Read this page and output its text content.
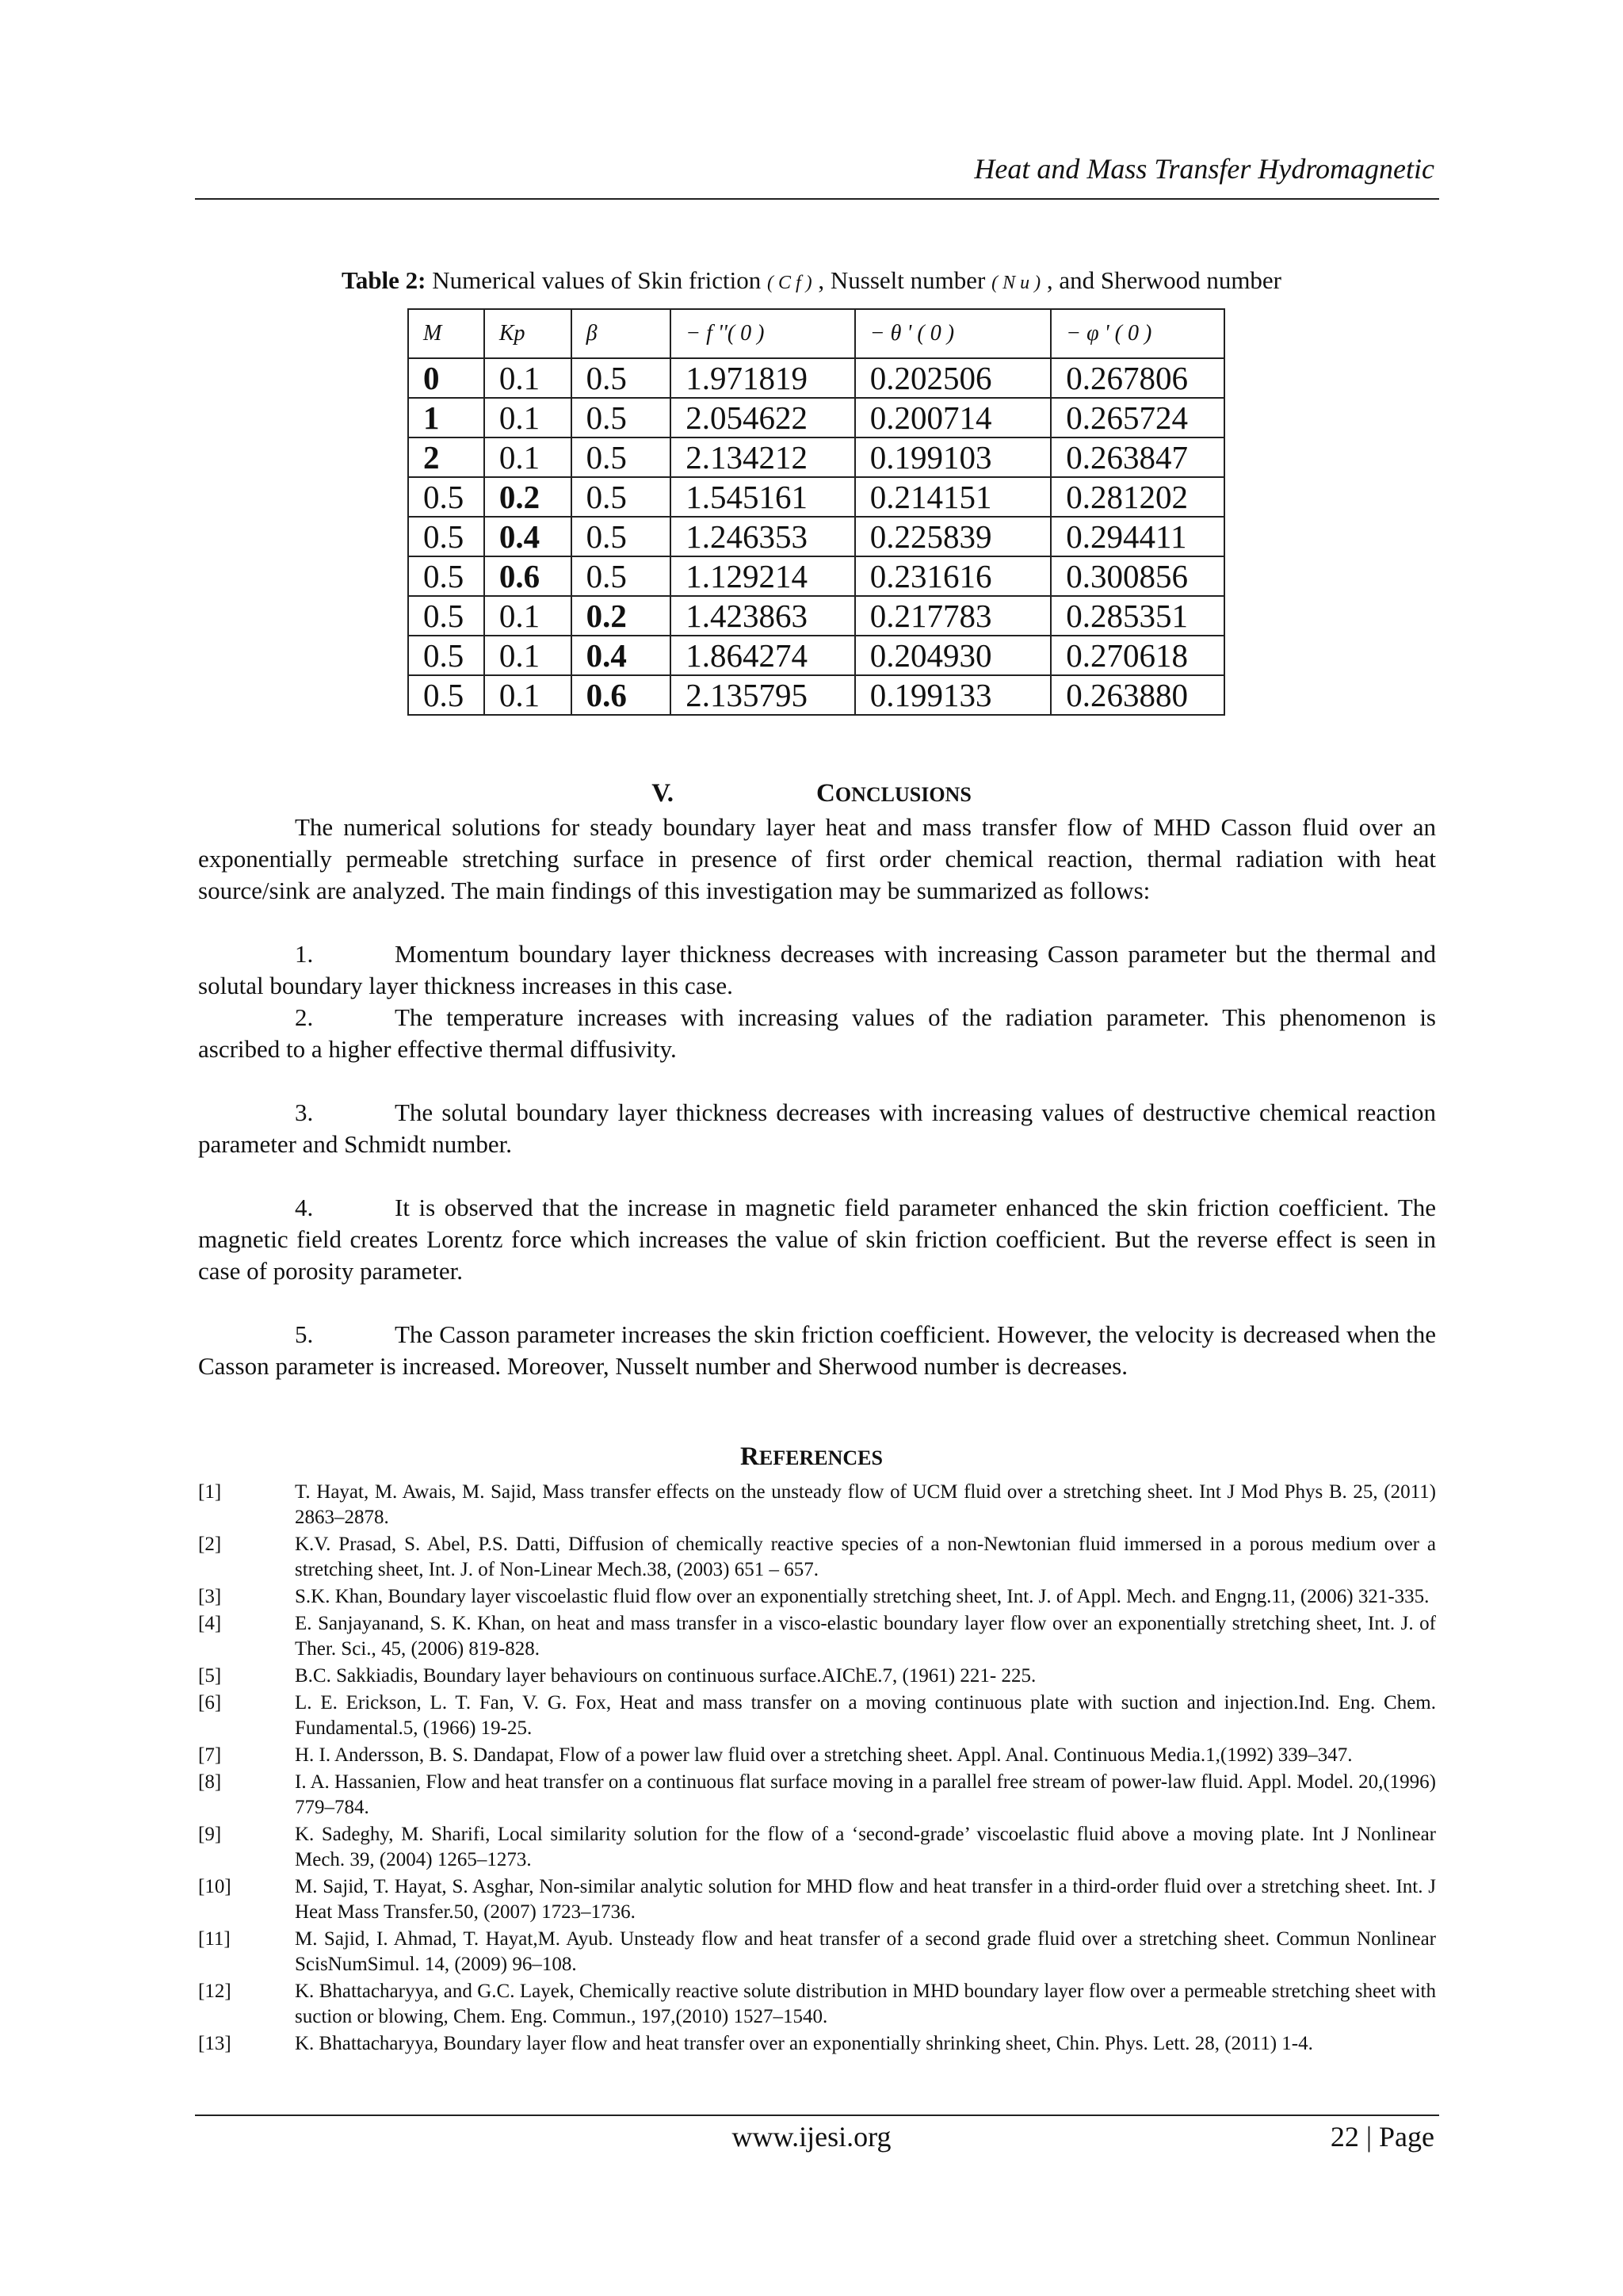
Heat and Mass Transfer Hydromagnetic
Table 2: Numerical values of Skin friction ( C f ) , Nusselt number ( N u ) , and Sherwood number
M	Kp	β	− f ''( 0 )	− θ ' ( 0 )	− φ ' ( 0 )
0	0.1	0.5	1.971819	0.202506	0.267806
1	0.1	0.5	2.054622	0.200714	0.265724
2	0.1	0.5	2.134212	0.199103	0.263847
0.5	0.2	0.5	1.545161	0.214151	0.281202
0.5	0.4	0.5	1.246353	0.225839	0.294411
0.5	0.6	0.5	1.129214	0.231616	0.300856
0.5	0.1	0.2	1.423863	0.217783	0.285351
0.5	0.1	0.4	1.864274	0.204930	0.270618
0.5	0.1	0.6	2.135795	0.199133	0.263880
V.	CONCLUSIONS
The numerical solutions for steady boundary layer heat and mass transfer flow of MHD Casson fluid over an exponentially permeable stretching surface in presence of first order chemical reaction, thermal radiation with heat source/sink are analyzed. The main findings of this investigation may be summarized as follows:
1.	Momentum boundary layer thickness decreases with increasing Casson parameter but the thermal and solutal boundary layer thickness increases in this case.
2.	The temperature increases with increasing values of the radiation parameter. This phenomenon is ascribed to a higher effective thermal diffusivity.
3.	The solutal boundary layer thickness decreases with increasing values of destructive chemical reaction parameter and Schmidt number.
4.	It is observed that the increase in magnetic field parameter enhanced the skin friction coefficient. The magnetic field creates Lorentz force which increases the value of skin friction coefficient. But the reverse effect is seen in case of porosity parameter.
5.	The Casson parameter increases the skin friction coefficient. However, the velocity is decreased when the Casson parameter is increased. Moreover, Nusselt number and Sherwood number is decreases.
REFERENCES
[1]	T. Hayat, M. Awais, M. Sajid, Mass transfer effects on the unsteady flow of UCM fluid over a stretching sheet. Int J Mod Phys B. 25, (2011) 2863–2878.
[2]	K.V. Prasad, S. Abel, P.S. Datti, Diffusion of chemically reactive species of a non-Newtonian fluid immersed in a porous medium over a stretching sheet, Int. J. of Non-Linear Mech.38, (2003) 651 – 657.
[3]	S.K. Khan, Boundary layer viscoelastic fluid flow over an exponentially stretching sheet, Int. J. of Appl. Mech. and Engng.11, (2006) 321-335.
[4]	E. Sanjayanand, S. K. Khan, on heat and mass transfer in a visco-elastic boundary layer flow over an exponentially stretching sheet, Int. J. of Ther. Sci., 45, (2006) 819-828.
[5]	B.C. Sakkiadis, Boundary layer behaviours on continuous surface.AIChE.7, (1961) 221- 225.
[6]	L. E. Erickson, L. T. Fan, V. G. Fox, Heat and mass transfer on a moving continuous plate with suction and injection.Ind. Eng. Chem. Fundamental.5, (1966) 19-25.
[7]	H. I. Andersson, B. S. Dandapat, Flow of a power law fluid over a stretching sheet. Appl. Anal. Continuous Media.1,(1992) 339–347.
[8]	I. A. Hassanien, Flow and heat transfer on a continuous flat surface moving in a parallel free stream of power-law fluid. Appl. Model. 20,(1996) 779–784.
[9]	K. Sadeghy, M. Sharifi, Local similarity solution for the flow of a ‘second-grade’ viscoelastic fluid above a moving plate. Int J Nonlinear Mech. 39, (2004) 1265–1273.
[10]	M. Sajid, T. Hayat, S. Asghar, Non-similar analytic solution for MHD flow and heat transfer in a third-order fluid over a stretching sheet. Int. J Heat Mass Transfer.50, (2007) 1723–1736.
[11]	M. Sajid, I. Ahmad, T. Hayat,M. Ayub. Unsteady flow and heat transfer of a second grade fluid over a stretching sheet. Commun Nonlinear ScisNumSimul. 14, (2009) 96–108.
[12]	K. Bhattacharyya, and G.C. Layek, Chemically reactive solute distribution in MHD boundary layer flow over a permeable stretching sheet with suction or blowing, Chem. Eng. Commun., 197,(2010) 1527–1540.
[13]	K. Bhattacharyya, Boundary layer flow and heat transfer over an exponentially shrinking sheet, Chin. Phys. Lett. 28, (2011) 1-4.
www.ijesi.org	22 | Page
